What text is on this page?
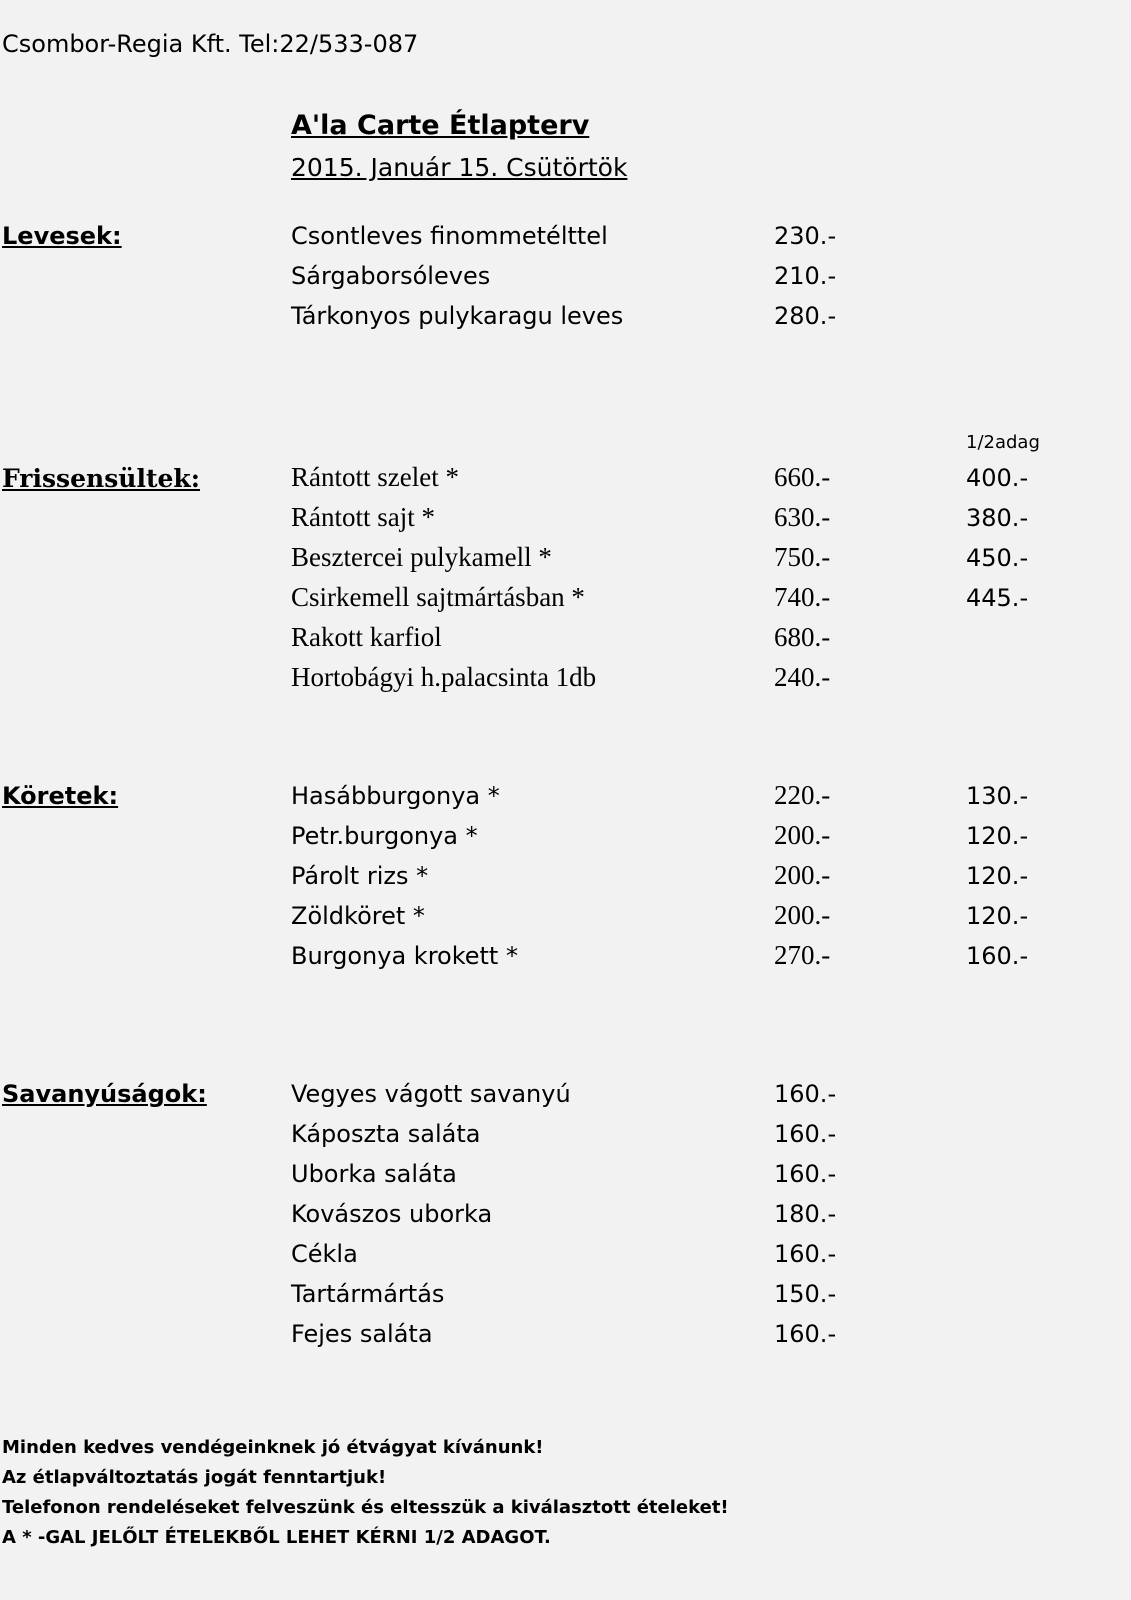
Csombor-Regia Kft. Tel:22/533-087
A'la Carte Étlapterv
2015. Január 15. Csütörtök
Levesek:	Csontleves finommetélttel	230.-
Sárgaborsóleves	210.-
Tárkonyos pulykaragu leves	280.-
1/2adag
Frissensültek:	Rántott szelet *	660.-	400.-
Rántott sajt *	630.-	380.-
Besztercei pulykamell *	750.-	450.-
Csirkemell sajtmártásban *	740.-	445.-
Rakott karfiol	680.-
Hortobágyi h.palacsinta 1db	240.-
Köretek:	Hasábburgonya *	220.-	130.-
Petr.burgonya *	200.-	120.-
Párolt rizs *	200.-	120.-
Zöldköret *	200.-	120.-
Burgonya krokett *	270.-	160.-
Savanyúságok:	Vegyes vágott savanyú	160.-
Káposzta saláta	160.-
Uborka saláta	160.-
Kovászos uborka	180.-
Cékla	160.-
Tartármártás	150.-
Fejes saláta	160.-
Minden kedves vendégeinknek jó étvágyat kívánunk!
Az étlapváltoztatás jogát fenntartjuk!
Telefonon rendeléseket felveszünk és eltesszük a kiválasztott ételeket!
A * -GAL JELŐLT ÉTELEKBŐL LEHET KÉRNI 1/2 ADAGOT.
